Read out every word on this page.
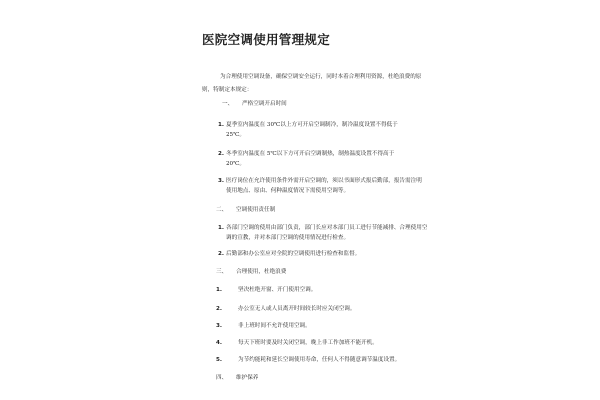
医院空调使用管理规定
为合理使用空调设备，确保空调安全运行，同时本着合理利用资源，杜绝浪费的原则，特制定本规定：
一、 严格空调开启时间
1. 夏季室内温度在 30℃以上方可开启空调制冷，制冷温度设置不得低于 25℃。
2. 冬季室内温度在 5℃以下方可开启空调制热，制热温度设置不得高于 20℃。
3. 医疗岗位在允许使用条件外需开启空调的，须以书面形式报后勤部，报告需注明使用地点、原由、何种温度情况下需使用空调等。
二、 空调使用责任制
1. 各部门空调的使用由部门负责，部门长应对本部门员工进行节能减排、合理使用空调的宣教，并对本部门空调的使用情况进行检查。
2. 后勤部和办公室应对全院的空调使用进行检查和监督。
三、 合理使用，杜绝浪费
1.	坚决杜绝开窗、开门使用空调。
2.	办公室无人或人员离开时间较长时应关闭空调。
3.	非上班时间不允许使用空调。
4.	每天下班时要及时关闭空调，晚上非工作加班不能开机。
5.	为节约能耗和延长空调使用寿命，任何人不得随意调节温度设置。
四、 维护保养
